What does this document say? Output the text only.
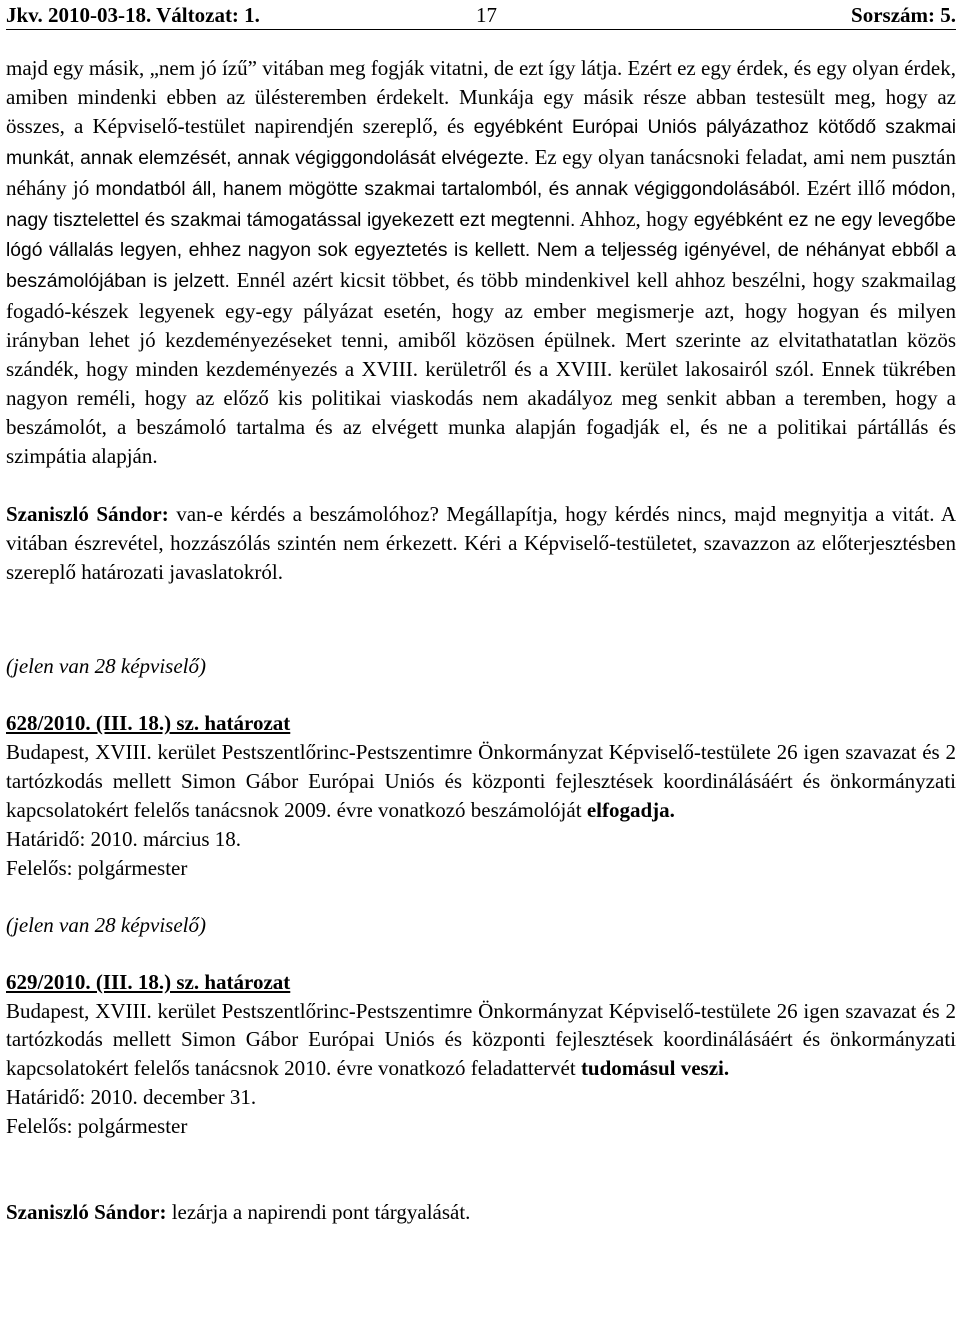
Jkv. 2010-03-18. Változat: 1.	17	Sorszám: 5.

majd egy másik, „nem jó ízű” vitában meg fogják vitatni, de ezt így látja. Ezért ez egy érdek, és egy olyan érdek, amiben mindenki ebben az ülésteremben érdekelt. Munkája egy másik része abban testesült meg, hogy az összes, a Képviselő-testület napirendjén szereplő, és egyébként Európai Uniós pályázathoz kötődő szakmai munkát, annak elemzését, annak végiggondolását elvégezte. Ez egy olyan tanácsnoki feladat, ami nem pusztán néhány jó mondatból áll, hanem mögötte szakmai tartalomból, és annak végiggondolásából. Ezért illő módon, nagy tisztelettel és szakmai támogatással igyekezett ezt megtenni. Ahhoz, hogy egyébként ez ne egy levegőbe lógó vállalás legyen, ehhez nagyon sok egyeztetés is kellett. Nem a teljesség igényével, de néhányat ebből a beszámolójában is jelzett. Ennél azért kicsit többet, és több mindenkivel kell ahhoz beszélni, hogy szakmailag fogadó-készek legyenek egy-egy pályázat esetén, hogy az ember megismerje azt, hogy hogyan és milyen irányban lehet jó kezdeményezéseket tenni, amiből közösen épülnek. Mert szerinte az elvitathatatlan közös szándék, hogy minden kezdeményezés a XVIII. kerületről és a XVIII. kerület lakosairól szól. Ennek tükrében nagyon reméli, hogy az előző kis politikai viaskodás nem akadályoz meg senkit abban a teremben, hogy a beszámolót, a beszámoló tartalma és az elvégett munka alapján fogadják el, és ne a politikai pártállás és szimpátia alapján.

Szaniszló Sándor: van-e kérdés a beszámolóhoz? Megállapítja, hogy kérdés nincs, majd megnyitja a vitát. A vitában észrevétel, hozzászólás szintén nem érkezett. Kéri a Képviselő-testületet, szavazzon az előterjesztésben szereplő határozati javaslatokról.

(jelen van 28 képviselő)

628/2010. (III. 18.) sz. határozat

Budapest, XVIII. kerület Pestszentlőrinc-Pestszentimre Önkormányzat Képviselő-testülete 26 igen szavazat és 2 tartózkodás mellett Simon Gábor Európai Uniós és központi fejlesztések koordinálásáért és önkormányzati kapcsolatokért felelős tanácsnok 2009. évre vonatkozó beszámolóját elfogadja.

Határidő: 2010. március 18.

Felelős: polgármester

(jelen van 28 képviselő)

629/2010. (III. 18.) sz. határozat

Budapest, XVIII. kerület Pestszentlőrinc-Pestszentimre Önkormányzat Képviselő-testülete 26 igen szavazat és 2 tartózkodás mellett Simon Gábor Európai Uniós és központi fejlesztések koordinálásáért és önkormányzati kapcsolatokért felelős tanácsnok 2010. évre vonatkozó feladattervét tudomásul veszi.

Határidő: 2010. december 31.

Felelős: polgármester

Szaniszló Sándor: lezárja a napirendi pont tárgyalását.
